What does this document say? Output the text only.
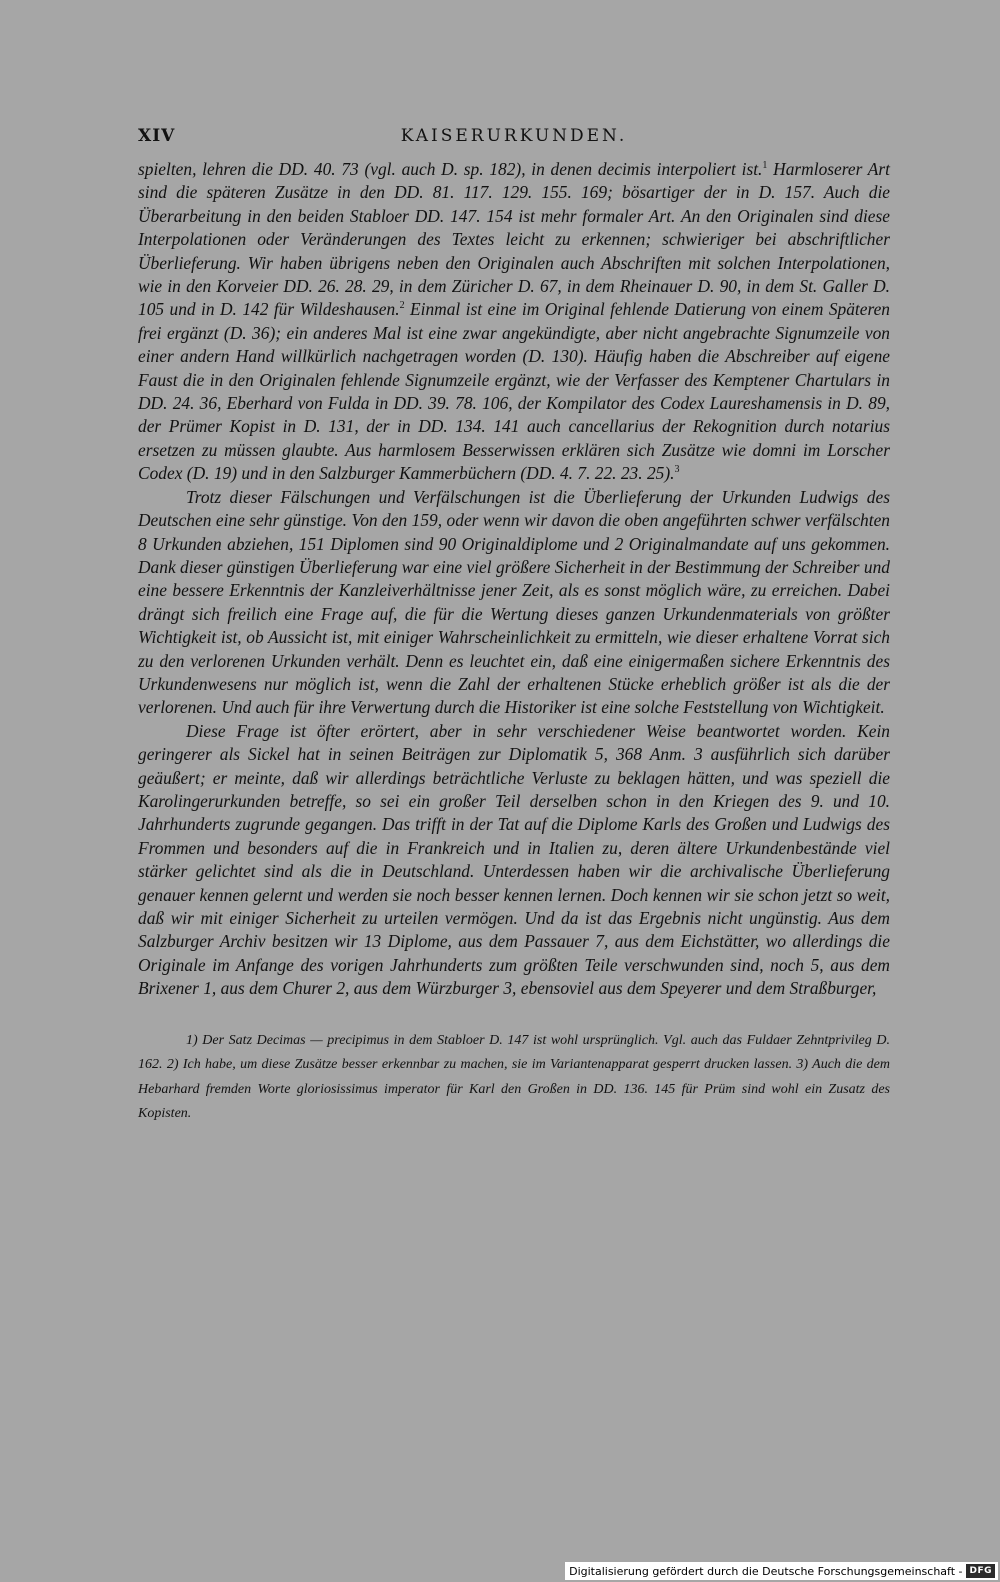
XIV	KAISERURKUNDEN.

spielten, lehren die DD. 40. 73 (vgl. auch D. sp. 182), in denen decimis interpoliert ist.$^1$ Harmloserer Art sind die späteren Zusätze in den DD. 81. 117. 129. 155. 169; bösartiger der in D. 157. Auch die Überarbeitung in den beiden Stabloer DD. 147. 154 ist mehr formaler Art. An den Originalen sind diese Interpolationen oder Veränderungen des Textes leicht zu erkennen; schwieriger bei abschriftlicher Überlieferung. Wir haben übrigens neben den Originalen auch Abschriften mit solchen Interpolationen, wie in den Korveier DD. 26. 28. 29, in dem Züricher D. 67, in dem Rheinauer D. 90, in dem St. Galler D. 105 und in D. 142 für Wildeshausen.$^2$ Einmal ist eine im Original fehlende Datierung von einem Späteren frei ergänzt (D. 36); ein anderes Mal ist eine zwar angekündigte, aber nicht angebrachte Signumzeile von einer andern Hand willkürlich nachgetragen worden (D. 130). Häufig haben die Abschreiber auf eigene Faust die in den Originalen fehlende Signumzeile ergänzt, wie der Verfasser des Kemptener Chartulars in DD. 24. 36, Eberhard von Fulda in DD. 39. 78. 106, der Kompilator des Codex Laureshamensis in D. 89, der Prümer Kopist in D. 131, der in DD. 134. 141 auch cancellarius der Rekognition durch notarius ersetzen zu müssen glaubte. Aus harmlosem Besserwissen erklären sich Zusätze wie domni im Lorscher Codex (D. 19) und in den Salzburger Kammerbüchern (DD. 4. 7. 22. 23. 25).$^3$

Trotz dieser Fälschungen und Verfälschungen ist die Überlieferung der Urkunden Ludwigs des Deutschen eine sehr günstige. Von den 159, oder wenn wir davon die oben angeführten schwer verfälschten 8 Urkunden abziehen, 151 Diplomen sind 90 Originaldiplome und 2 Originalmandate auf uns gekommen. Dank dieser günstigen Überlieferung war eine viel größere Sicherheit in der Bestimmung der Schreiber und eine bessere Erkenntnis der Kanzleiverhältnisse jener Zeit, als es sonst möglich wäre, zu erreichen. Dabei drängt sich freilich eine Frage auf, die für die Wertung dieses ganzen Urkundenmaterials von größter Wichtigkeit ist, ob Aussicht ist, mit einiger Wahrscheinlichkeit zu ermitteln, wie dieser erhaltene Vorrat sich zu den verlorenen Urkunden verhält. Denn es leuchtet ein, daß eine einigermaßen sichere Erkenntnis des Urkundenwesens nur möglich ist, wenn die Zahl der erhaltenen Stücke erheblich größer ist als die der verlorenen. Und auch für ihre Verwertung durch die Historiker ist eine solche Feststellung von Wichtigkeit.

Diese Frage ist öfter erörtert, aber in sehr verschiedener Weise beantwortet worden. Kein geringerer als Sickel hat in seinen Beiträgen zur Diplomatik 5, 368 Anm. 3 ausführlich sich darüber geäußert; er meinte, daß wir allerdings beträchtliche Verluste zu beklagen hätten, und was speziell die Karolingerurkunden betreffe, so sei ein großer Teil derselben schon in den Kriegen des 9. und 10. Jahrhunderts zugrunde gegangen. Das trifft in der Tat auf die Diplome Karls des Großen und Ludwigs des Frommen und besonders auf die in Frankreich und in Italien zu, deren ältere Urkundenbestände viel stärker gelichtet sind als die in Deutschland. Unterdessen haben wir die archivalische Überlieferung genauer kennen gelernt und werden sie noch besser kennen lernen. Doch kennen wir sie schon jetzt so weit, daß wir mit einiger Sicherheit zu urteilen vermögen. Und da ist das Ergebnis nicht ungünstig. Aus dem Salzburger Archiv besitzen wir 13 Diplome, aus dem Passauer 7, aus dem Eichstätter, wo allerdings die Originale im Anfange des vorigen Jahrhunderts zum größten Teile verschwunden sind, noch 5, aus dem Brixener 1, aus dem Churer 2, aus dem Würzburger 3, ebensoviel aus dem Speyerer und dem Straßburger,

1) Der Satz Decimas — precipimus in dem Stabloer D. 147 ist wohl ursprünglich. Vgl. auch das Fuldaer Zehntprivileg D. 162. 2) Ich habe, um diese Zusätze besser erkennbar zu machen, sie im Variantenapparat gesperrt drucken lassen. 3) Auch die dem Hebarhard fremden Worte gloriosissimus imperator für Karl den Großen in DD. 136. 145 für Prüm sind wohl ein Zusatz des Kopisten.

Digitalisierung gefördert durch die Deutsche Forschungsgemeinschaft - DFG
